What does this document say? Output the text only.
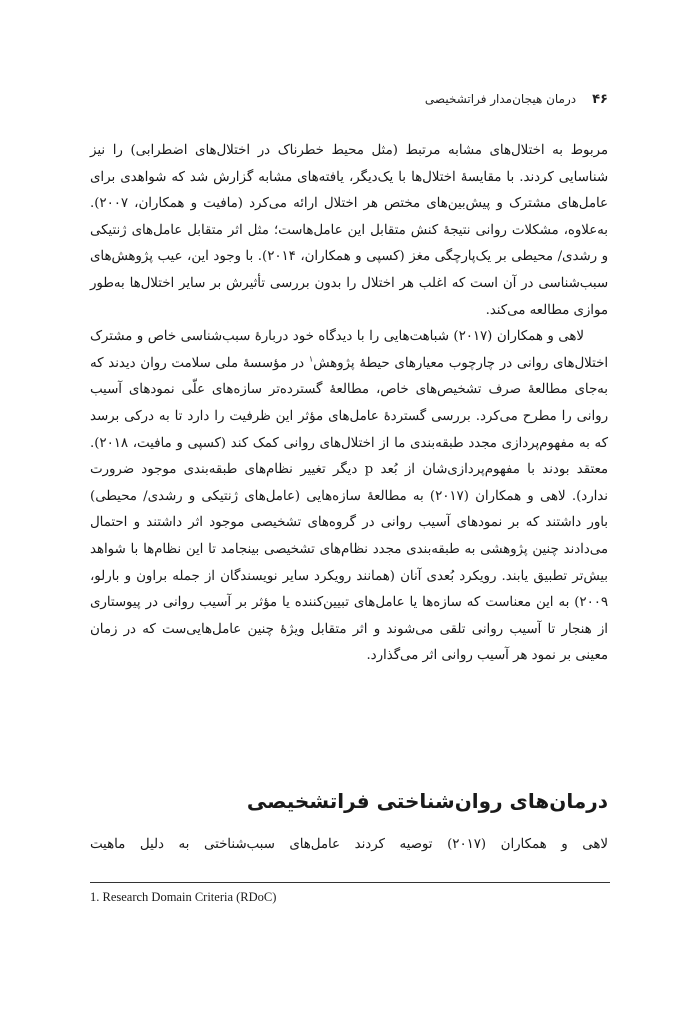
۴۶
درمان هیجان‌مدار فراتشخیصی

مربوط به اختلال‌های مشابه مرتبط (مثل محیط خطرناک در اختلال‌های اضطرابی) را نیز شناسایی کردند. با مقایسهٔ اختلال‌ها با یک‌دیگر، یافته‌های مشابه گزارش شد که شواهدی برای عامل‌های مشترک و پیش‌بین‌های مختص هر اختلال ارائه می‌کرد (مافیت و همکاران، ۲۰۰۷). به‌علاوه، مشکلات روانی نتیجهٔ کنش متقابل این عامل‌هاست؛ مثل اثر متقابل عامل‌های ژنتیکی و رشدی/ محیطی بر یک‌پارچگی مغز (کسپی و همکاران، ۲۰۱۴). با وجود این، عیب پژوهش‌های سبب‌شناسی در آن است که اغلب هر اختلال را بدون بررسی تأثیرش بر سایر اختلال‌ها به‌طور موازی مطالعه می‌کند.

لاهی و همکاران (۲۰۱۷) شباهت‌هایی را با دیدگاه خود دربارهٔ سبب‌شناسی خاص و مشترک اختلال‌های روانی در چارچوب معیارهای حیطهٔ پژوهش$^۱$ در مؤسسهٔ ملی سلامت روان دیدند که به‌جای مطالعهٔ صرف تشخیص‌های خاص، مطالعهٔ گسترده‌تر سازه‌های علّی نمودهای آسیب روانی را مطرح می‌کرد. بررسی گستردهٔ عامل‌های مؤثر این ظرفیت را دارد تا به درکی برسد که به مفهوم‌پردازی مجدد طبقه‌بندی ما از اختلال‌های روانی کمک کند (کسپی و مافیت، ۲۰۱۸). معتقد بودند با مفهوم‌پردازی‌شان از بُعد p دیگر تغییر نظام‌های طبقه‌بندی موجود ضرورت ندارد). لاهی و همکاران (۲۰۱۷) به مطالعهٔ سازه‌هایی (عامل‌های ژنتیکی و رشدی/ محیطی) باور داشتند که بر نمودهای آسیب روانی در گروه‌های تشخیصی موجود اثر داشتند و احتمال می‌دادند چنین پژوهشی به طبقه‌بندی مجدد نظام‌های تشخیصی بینجامد تا این نظام‌ها با شواهد بیش‌تر تطبیق یابند. رویکرد بُعدی آنان (همانند رویکرد سایر نویسندگان از جمله براون و بارلو، ۲۰۰۹) به این معناست که سازه‌ها یا عامل‌های تبیین‌کننده یا مؤثر بر آسیب روانی در پیوستاری از هنجار تا آسیب روانی تلقی می‌شوند و اثر متقابل ویژهٔ چنین عامل‌هایی‌ست که در زمان معینی بر نمود هر آسیب روانی اثر می‌گذارد.

درمان‌های روان‌شناختی فراتشخیصی

لاهی و همکاران (۲۰۱۷) توصیه کردند عامل‌های سبب‌شناختی به دلیل ماهیت

1. Research Domain Criteria (RDoC)
